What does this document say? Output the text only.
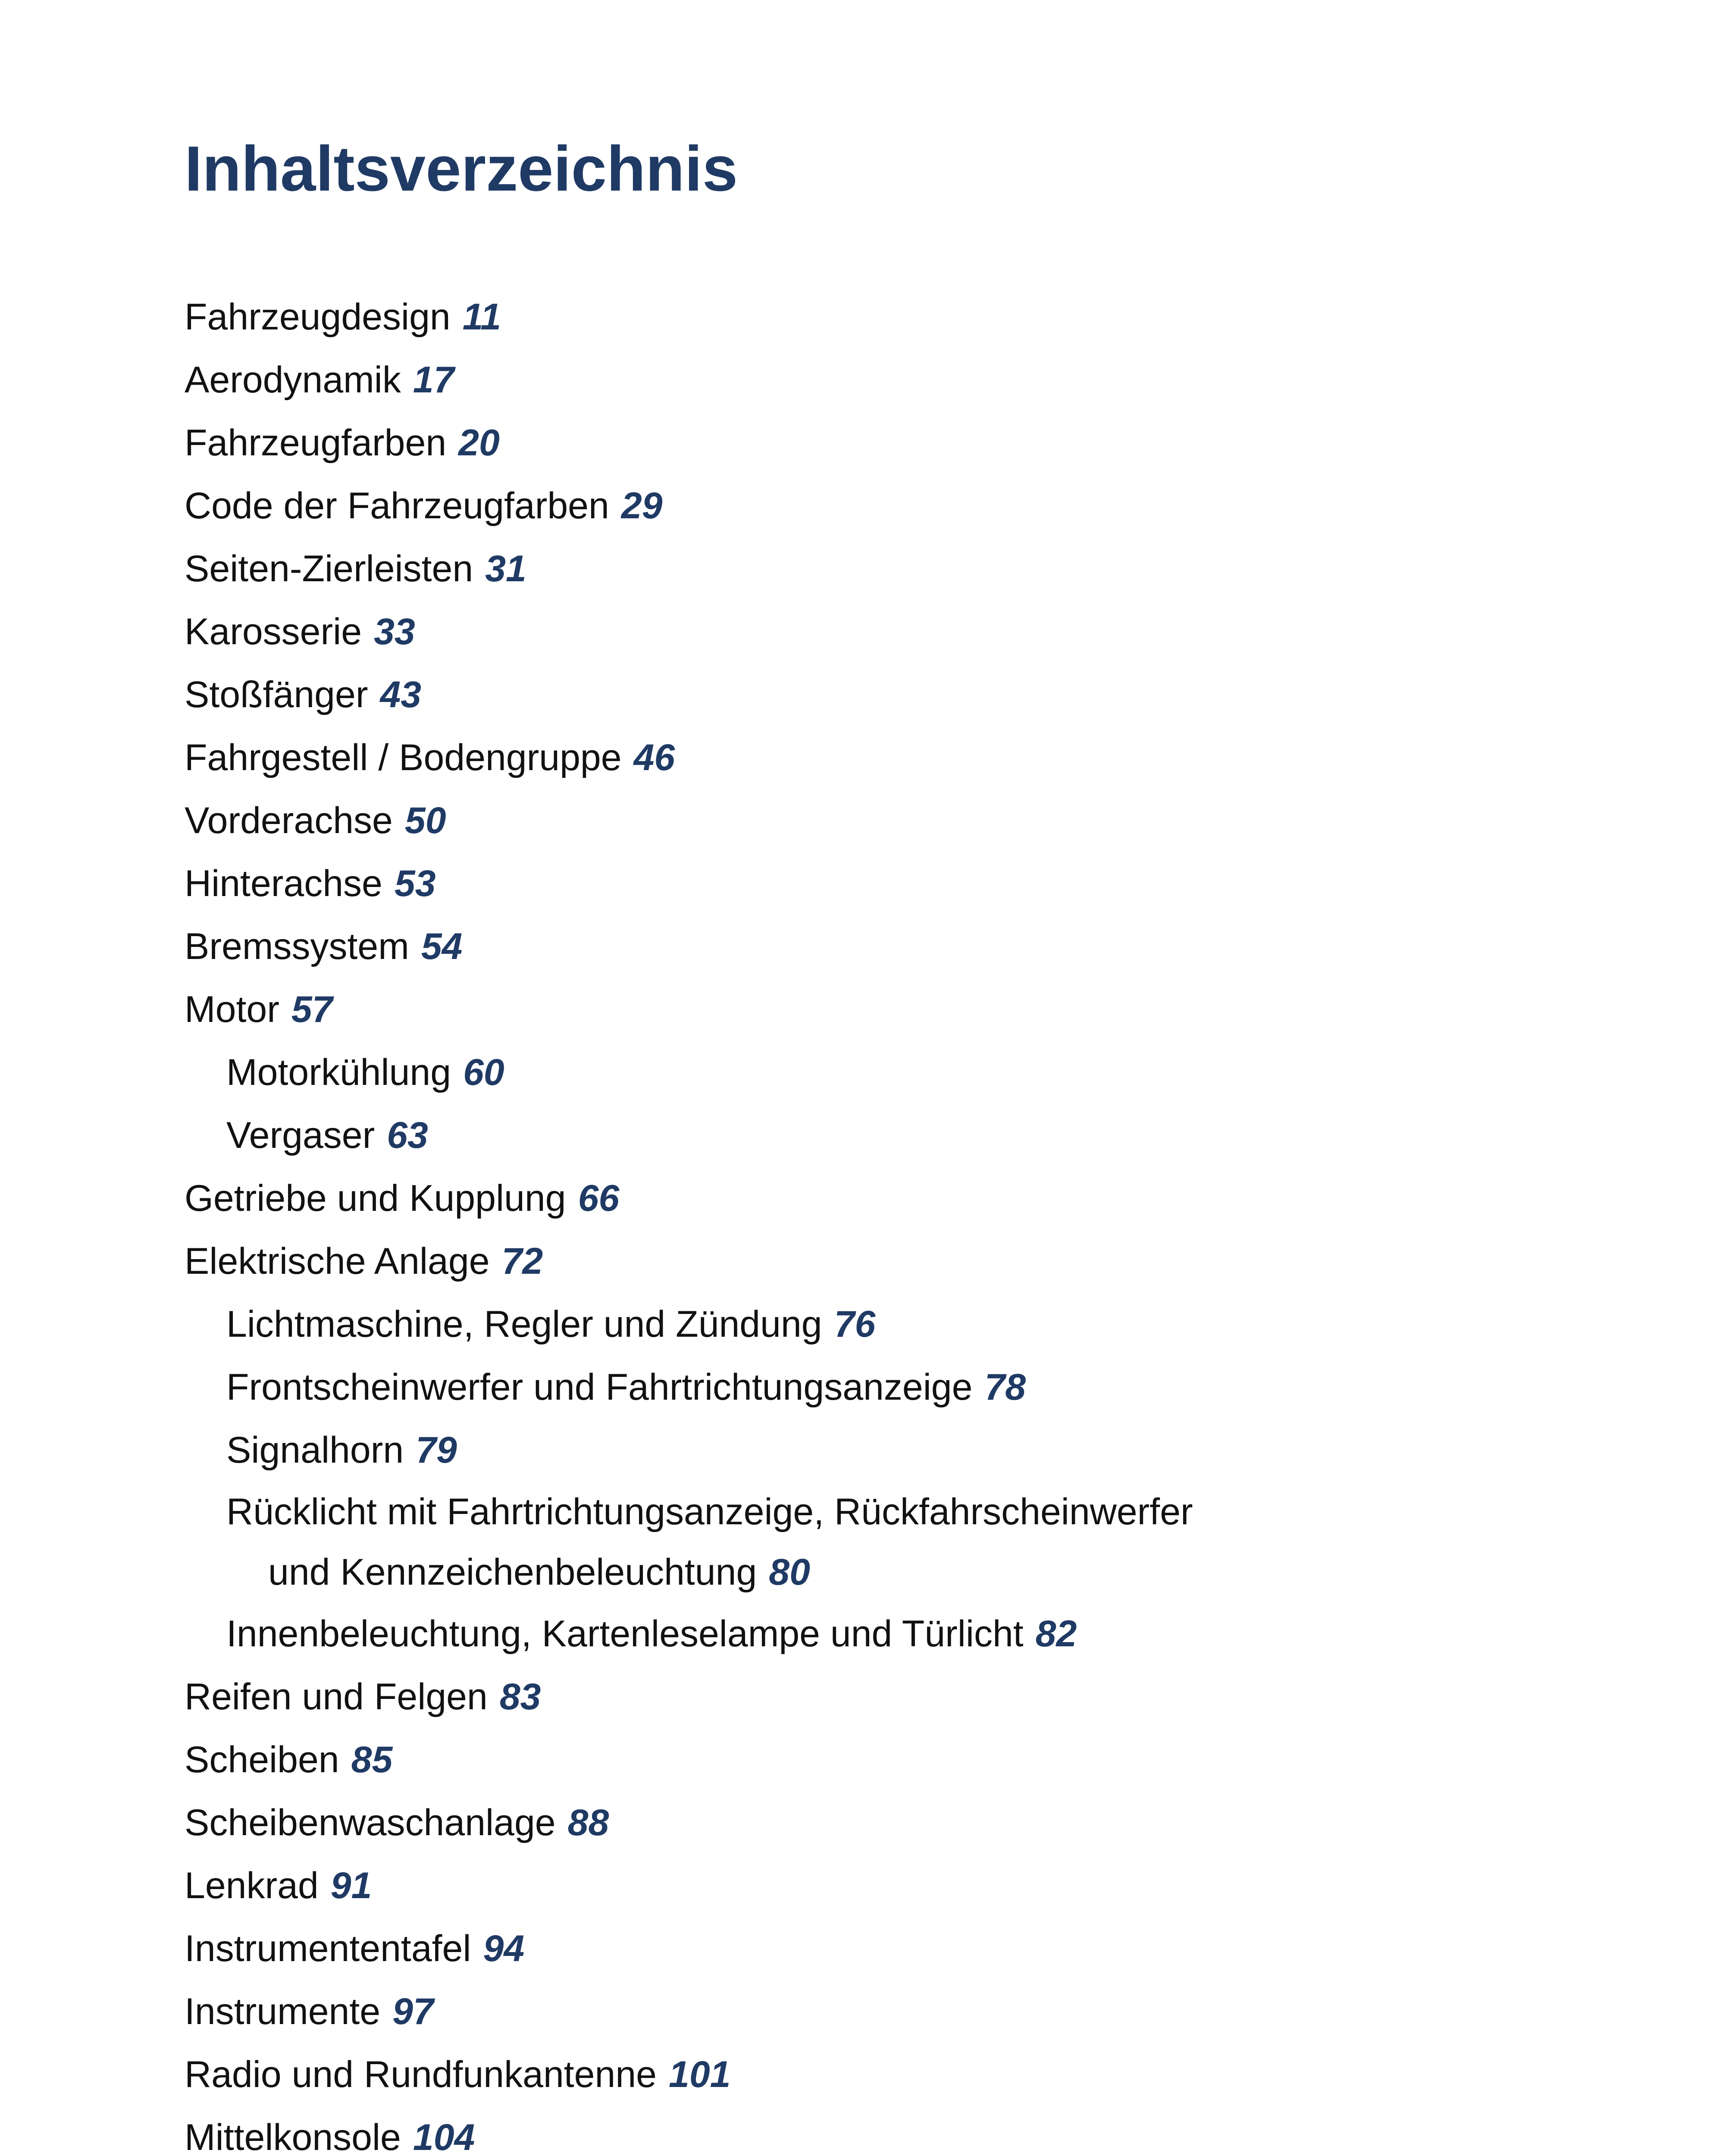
Inhaltsverzeichnis
Fahrzeugdesign 11
Aerodynamik 17
Fahrzeugfarben 20
Code der Fahrzeugfarben 29
Seiten-Zierleisten 31
Karosserie 33
Stoßfänger 43
Fahrgestell / Bodengruppe 46
Vorderachse 50
Hinterachse 53
Bremssystem 54
Motor 57
Motorkühlung 60
Vergaser 63
Getriebe und Kupplung 66
Elektrische Anlage 72
Lichtmaschine, Regler und Zündung 76
Frontscheinwerfer und Fahrtrichtungsanzeige 78
Signalhorn 79
Rücklicht mit Fahrtrichtungsanzeige, Rückfahrscheinwerfer
und Kennzeichenbeleuchtung 80
Innenbeleuchtung, Kartenleselampe und Türlicht 82
Reifen und Felgen 83
Scheiben 85
Scheibenwaschanlage 88
Lenkrad 91
Instrumententafel 94
Instrumente 97
Radio und Rundfunkantenne 101
Mittelkonsole 104
